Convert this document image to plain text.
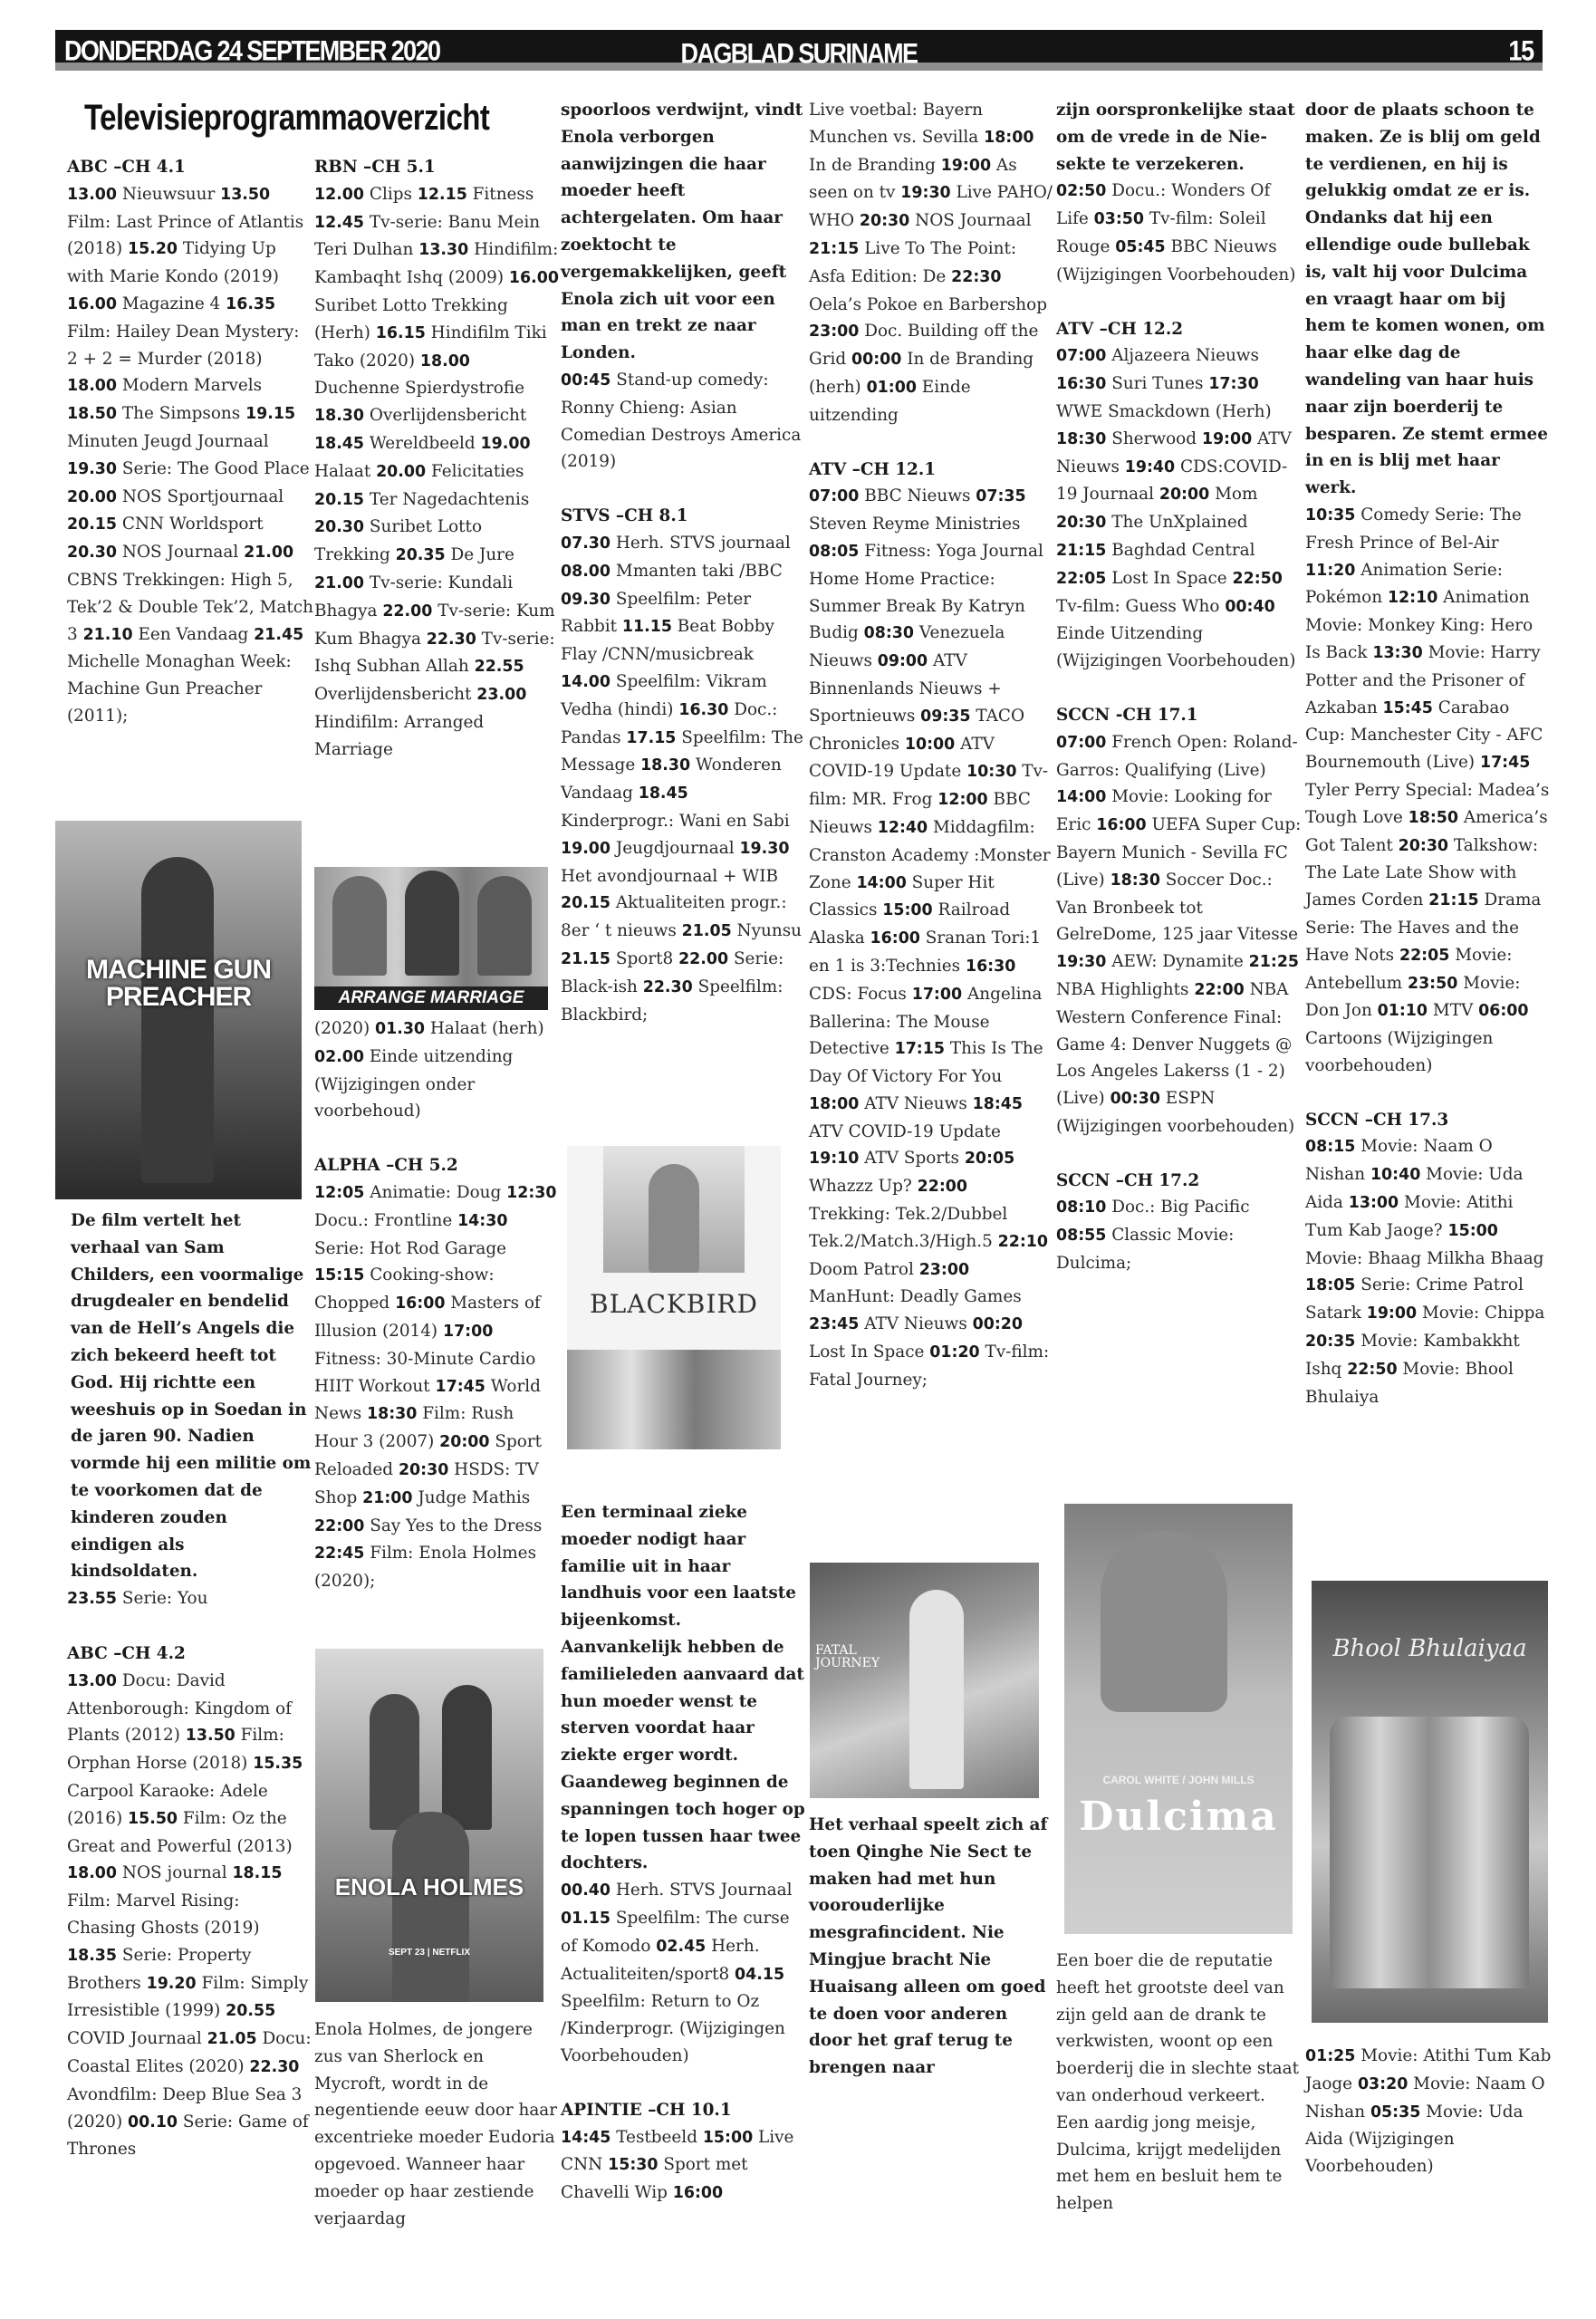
DONDERDAG 24 SEPTEMBER 2020	DAGBLAD SURINAME	15
Televisieprogrammaoverzicht
ABC –CH 4.1
13.00 Nieuwsuur 13.50 Film: Last Prince of Atlantis (2018) 15.20 Tidying Up with Marie Kondo (2019) 16.00 Magazine 4 16.35 Film: Hailey Dean Mystery: 2 + 2 = Murder (2018) 18.00 Modern Marvels 18.50 The Simpsons 19.15 Minuten Jeugd Journaal 19.30 Serie: The Good Place 20.00 NOS Sportjournaal 20.15 CNN Worldsport 20.30 NOS Journaal 21.00 CBNS Trekkingen: High 5, Tek’2 & Double Tek’2, Match 3 21.10 Een Vandaag 21.45 Michelle Monaghan Week: Machine Gun Preacher (2011);
MACHINE GUN PREACHER
De film vertelt het verhaal van Sam Childers, een voormalige drugdealer en bendelid van de Hell’s Angels die zich bekeerd heeft tot God. Hij richtte een weeshuis op in Soedan in de jaren 90. Nadien vormde hij een militie om te voorkomen dat de kinderen zouden eindigen als kindsoldaten.
23.55 Serie: You
ABC –CH 4.2
13.00 Docu: David Attenborough: Kingdom of Plants (2012) 13.50 Film: Orphan Horse (2018) 15.35 Carpool Karaoke: Adele (2016) 15.50 Film: Oz the Great and Powerful (2013) 18.00 NOS journal 18.15 Film: Marvel Rising: Chasing Ghosts (2019) 18.35 Serie: Property Brothers 19.20 Film: Simply Irresistible (1999) 20.55 COVID Journaal 21.05 Docu: Coastal Elites (2020) 22.30 Avondfilm: Deep Blue Sea 3 (2020) 00.10 Serie: Game of Thrones
RBN –CH 5.1
12.00 Clips 12.15 Fitness 12.45 Tv-serie: Banu Mein Teri Dulhan 13.30 Hindifilm: Kambaqht Ishq (2009) 16.00 Suribet Lotto Trekking (Herh) 16.15 Hindifilm Tiki Tako (2020) 18.00 Duchenne Spierdystrofie 18.30 Overlijdensbericht 18.45 Wereldbeeld 19.00 Halaat 20.00 Felicitaties 20.15 Ter Nagedachtenis 20.30 Suribet Lotto Trekking 20.35 De Jure 21.00 Tv-serie: Kundali Bhagya 22.00 Tv-serie: Kum Kum Bhagya 22.30 Tv-serie: Ishq Subhan Allah 22.55 Overlijdensbericht 23.00 Hindifilm: Arranged Marriage
ARRANGE MARRIAGE
(2020) 01.30 Halaat (herh) 02.00 Einde uitzending (Wijzigingen onder voorbehoud)
ALPHA –CH 5.2
12:05 Animatie: Doug 12:30 Docu.: Frontline 14:30 Serie: Hot Rod Garage 15:15 Cooking-show: Chopped 16:00 Masters of Illusion (2014) 17:00 Fitness: 30-Minute Cardio HIIT Workout 17:45 World News 18:30 Film: Rush Hour 3 (2007) 20:00 Sport Reloaded 20:30 HSDS: TV Shop 21:00 Judge Mathis 22:00 Say Yes to the Dress 22:45 Film: Enola Holmes (2020);
ENOLA HOLMES
SEPT 23 | NETFLIX
Enola Holmes, de jongere zus van Sherlock en Mycroft, wordt in de negentiende eeuw door haar excentrieke moeder Eudoria opgevoed. Wanneer haar moeder op haar zestiende verjaardag
spoorloos verdwijnt, vindt Enola verborgen aanwijzingen die haar moeder heeft achtergelaten. Om haar zoektocht te vergemakkelijken, geeft Enola zich uit voor een man en trekt ze naar Londen.
00:45 Stand-up comedy: Ronny Chieng: Asian Comedian Destroys America (2019)
STVS –CH 8.1
07.30 Herh. STVS journaal 08.00 Mmanten taki /BBC 09.30 Speelfilm: Peter Rabbit 11.15 Beat Bobby Flay /CNN/musicbreak 14.00 Speelfilm: Vikram Vedha (hindi) 16.30 Doc.: Pandas 17.15 Speelfilm: The Message 18.30 Wonderen Vandaag 18.45 Kinderprogr.: Wani en Sabi 19.00 Jeugdjournaal 19.30 Het avondjournaal + WIB 20.15 Aktualiteiten progr.: 8er ‘ t nieuws 21.05 Nyunsu 21.15 Sport8 22.00 Serie: Black-ish 22.30 Speelfilm: Blackbird;
BLACKBIRD
Een terminaal zieke moeder nodigt haar familie uit in haar landhuis voor een laatste bijeenkomst. Aanvankelijk hebben de familieleden aanvaard dat hun moeder wenst te sterven voordat haar ziekte erger wordt. Gaandeweg beginnen de spanningen toch hoger op te lopen tussen haar twee dochters.
00.40 Herh. STVS Journaal 01.15 Speelfilm: The curse of Komodo 02.45 Herh. Actualiteiten/sport8 04.15 Speelfilm: Return to Oz /Kinderprogr. (Wijzigingen Voorbehouden)
APINTIE –CH 10.1
14:45 Testbeeld 15:00 Live CNN 15:30 Sport met Chavelli Wip 16:00
Live voetbal: Bayern Munchen vs. Sevilla 18:00 In de Branding 19:00 As seen on tv 19:30 Live PAHO/ WHO 20:30 NOS Journaal 21:15 Live To The Point: Asfa Edition: De 22:30 Oela’s Pokoe en Barbershop 23:00 Doc. Building off the Grid 00:00 In de Branding (herh) 01:00 Einde uitzending
ATV –CH 12.1
07:00 BBC Nieuws 07:35 Steven Reyme Ministries 08:05 Fitness: Yoga Journal Home Home Practice: Summer Break By Katryn Budig 08:30 Venezuela Nieuws 09:00 ATV Binnenlands Nieuws + Sportnieuws 09:35 TACO Chronicles 10:00 ATV COVID-19 Update 10:30 Tv-film: MR. Frog 12:00 BBC Nieuws 12:40 Middagfilm: Cranston Academy :Monster Zone 14:00 Super Hit Classics 15:00 Railroad Alaska 16:00 Sranan Tori:1 en 1 is 3:Technies 16:30 CDS: Focus 17:00 Angelina Ballerina: The Mouse Detective 17:15 This Is The Day Of Victory For You 18:00 ATV Nieuws 18:45 ATV COVID-19 Update 19:10 ATV Sports 20:05 Whazzz Up? 22:00 Trekking: Tek.2/Dubbel Tek.2/Match.3/High.5 22:10 Doom Patrol 23:00 ManHunt: Deadly Games 23:45 ATV Nieuws 00:20 Lost In Space 01:20 Tv-film: Fatal Journey;
FATAL JOURNEY
Het verhaal speelt zich af toen Qinghe Nie Sect te maken had met hun voorouderlijke mesgrafincident. Nie Mingjue bracht Nie Huaisang alleen om goed te doen voor anderen door het graf terug te brengen naar
zijn oorspronkelijke staat om de vrede in de Nie-sekte te verzekeren.
02:50 Docu.: Wonders Of Life 03:50 Tv-film: Soleil Rouge 05:45 BBC Nieuws (Wijzigingen Voorbehouden)
ATV –CH 12.2
07:00 Aljazeera Nieuws 16:30 Suri Tunes 17:30 WWE Smackdown (Herh) 18:30 Sherwood 19:00 ATV Nieuws 19:40 CDS:COVID-19 Journaal 20:00 Mom 20:30 The UnXplained 21:15 Baghdad Central 22:05 Lost In Space 22:50 Tv-film: Guess Who 00:40 Einde Uitzending (Wijzigingen Voorbehouden)
SCCN -CH 17.1
07:00 French Open: Roland-Garros: Qualifying (Live) 14:00 Movie: Looking for Eric 16:00 UEFA Super Cup: Bayern Munich - Sevilla FC (Live) 18:30 Soccer Doc.: Van Bronbeek tot GelreDome, 125 jaar Vitesse 19:30 AEW: Dynamite 21:25 NBA Highlights 22:00 NBA Western Conference Final: Game 4: Denver Nuggets @ Los Angeles Lakerss (1 - 2) (Live) 00:30 ESPN (Wijzigingen voorbehouden)
SCCN –CH 17.2
08:10 Doc.: Big Pacific 08:55 Classic Movie: Dulcima;
CAROL WHITE / JOHN MILLS
Dulcima
Een boer die de reputatie heeft het grootste deel van zijn geld aan de drank te verkwisten, woont op een boerderij die in slechte staat van onderhoud verkeert. Een aardig jong meisje, Dulcima, krijgt medelijden met hem en besluit hem te helpen
door de plaats schoon te maken. Ze is blij om geld te verdienen, en hij is gelukkig omdat ze er is. Ondanks dat hij een ellendige oude bullebak is, valt hij voor Dulcima en vraagt haar om bij hem te komen wonen, om haar elke dag de wandeling van haar huis naar zijn boerderij te besparen. Ze stemt ermee in en is blij met haar werk.
10:35 Comedy Serie: The Fresh Prince of Bel-Air 11:20 Animation Serie: Pokémon 12:10 Animation Movie: Monkey King: Hero Is Back 13:30 Movie: Harry Potter and the Prisoner of Azkaban 15:45 Carabao Cup: Manchester City - AFC Bournemouth (Live) 17:45 Tyler Perry Special: Madea’s Tough Love 18:50 America’s Got Talent 20:30 Talkshow: The Late Late Show with James Corden 21:15 Drama Serie: The Haves and the Have Nots 22:05 Movie: Antebellum 23:50 Movie: Don Jon 01:10 MTV 06:00 Cartoons (Wijzigingen voorbehouden)
SCCN –CH 17.3
08:15 Movie: Naam O Nishan 10:40 Movie: Uda Aida 13:00 Movie: Atithi Tum Kab Jaoge? 15:00 Movie: Bhaag Milkha Bhaag 18:05 Serie: Crime Patrol Satark 19:00 Movie: Chippa 20:35 Movie: Kambakkht Ishq 22:50 Movie: Bhool Bhulaiya
Bhool Bhulaiyaa
01:25 Movie: Atithi Tum Kab Jaoge 03:20 Movie: Naam O Nishan 05:35 Movie: Uda Aida (Wijzigingen Voorbehouden)
